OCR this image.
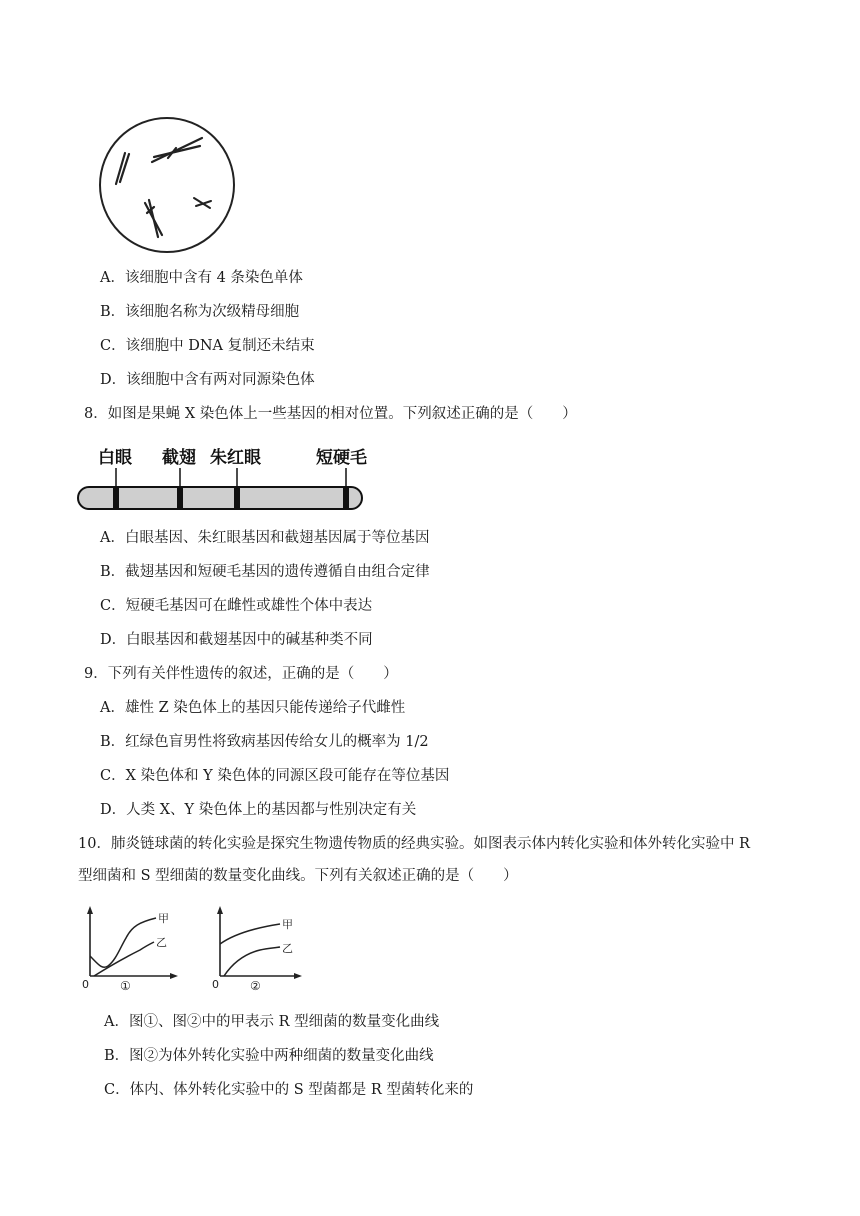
A．该细胞中含有 4 条染色单体
B．该细胞名称为次级精母细胞
C．该细胞中 DNA 复制还未结束
D．该细胞中含有两对同源染色体
8．如图是果蝇 X 染色体上一些基因的相对位置。下列叙述正确的是（　　）
白眼 截翅 朱红眼	短硬毛
A．白眼基因、朱红眼基因和截翅基因属于等位基因
B．截翅基因和短硬毛基因的遗传遵循自由组合定律
C．短硬毛基因可在雌性或雄性个体中表达
D．白眼基因和截翅基因中的碱基种类不同
9．下列有关伴性遗传的叙述，正确的是（　　）
A．雄性 Z 染色体上的基因只能传递给子代雌性
B．红绿色盲男性将致病基因传给女儿的概率为 1/2
C．X 染色体和 Y 染色体的同源区段可能存在等位基因
D．人类 X、Y 染色体上的基因都与性别决定有关
10．肺炎链球菌的转化实验是探究生物遗传物质的经典实验。如图表示体内转化实验和体外转化实验中 R
型细菌和 S 型细菌的数量变化曲线。下列有关叙述正确的是（　　）
甲
乙
0	①
甲
乙
0	②
A．图①、图②中的甲表示 R 型细菌的数量变化曲线
B．图②为体外转化实验中两种细菌的数量变化曲线
C．体内、体外转化实验中的 S 型菌都是 R 型菌转化来的
